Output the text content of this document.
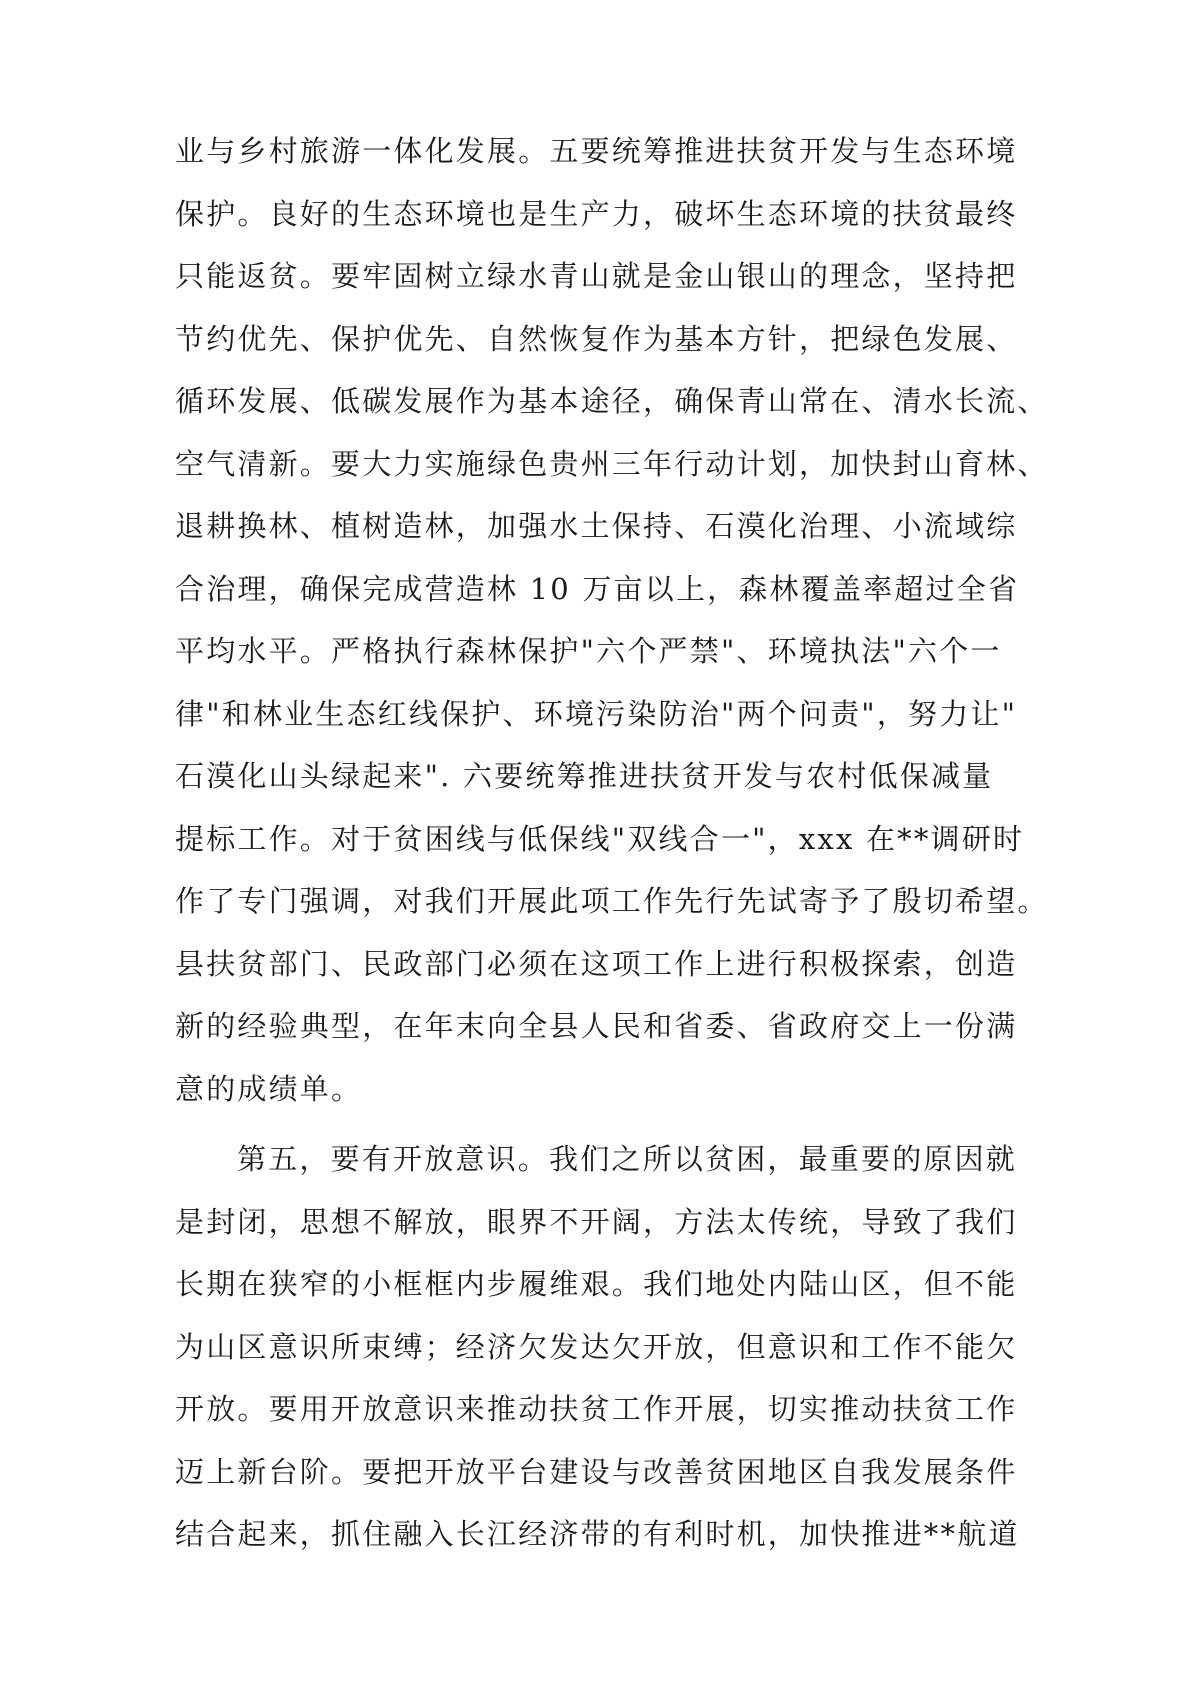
业与乡村旅游一体化发展。五要统筹推进扶贫开发与生态环境
保护。良好的生态环境也是生产力，破坏生态环境的扶贫最终
只能返贫。要牢固树立绿水青山就是金山银山的理念，坚持把
节约优先、保护优先、自然恢复作为基本方针，把绿色发展、
循环发展、低碳发展作为基本途径，确保青山常在、清水长流、
空气清新。要大力实施绿色贵州三年行动计划，加快封山育林、
退耕换林、植树造林，加强水土保持、石漠化治理、小流域综
合治理，确保完成营造林 10 万亩以上，森林覆盖率超过全省
平均水平。严格执行森林保护"六个严禁"、环境执法"六个一
律"和林业生态红线保护、环境污染防治"两个问责"，努力让"
石漠化山头绿起来". 六要统筹推进扶贫开发与农村低保减量
提标工作。对于贫困线与低保线"双线合一"，xxx 在**调研时
作了专门强调，对我们开展此项工作先行先试寄予了殷切希望。
县扶贫部门、民政部门必须在这项工作上进行积极探索，创造
新的经验典型，在年末向全县人民和省委、省政府交上一份满
意的成绩单。
第五，要有开放意识。我们之所以贫困，最重要的原因就
是封闭，思想不解放，眼界不开阔，方法太传统，导致了我们
长期在狭窄的小框框内步履维艰。我们地处内陆山区，但不能
为山区意识所束缚；经济欠发达欠开放，但意识和工作不能欠
开放。要用开放意识来推动扶贫工作开展，切实推动扶贫工作
迈上新台阶。要把开放平台建设与改善贫困地区自我发展条件
结合起来，抓住融入长江经济带的有利时机，加快推进**航道
